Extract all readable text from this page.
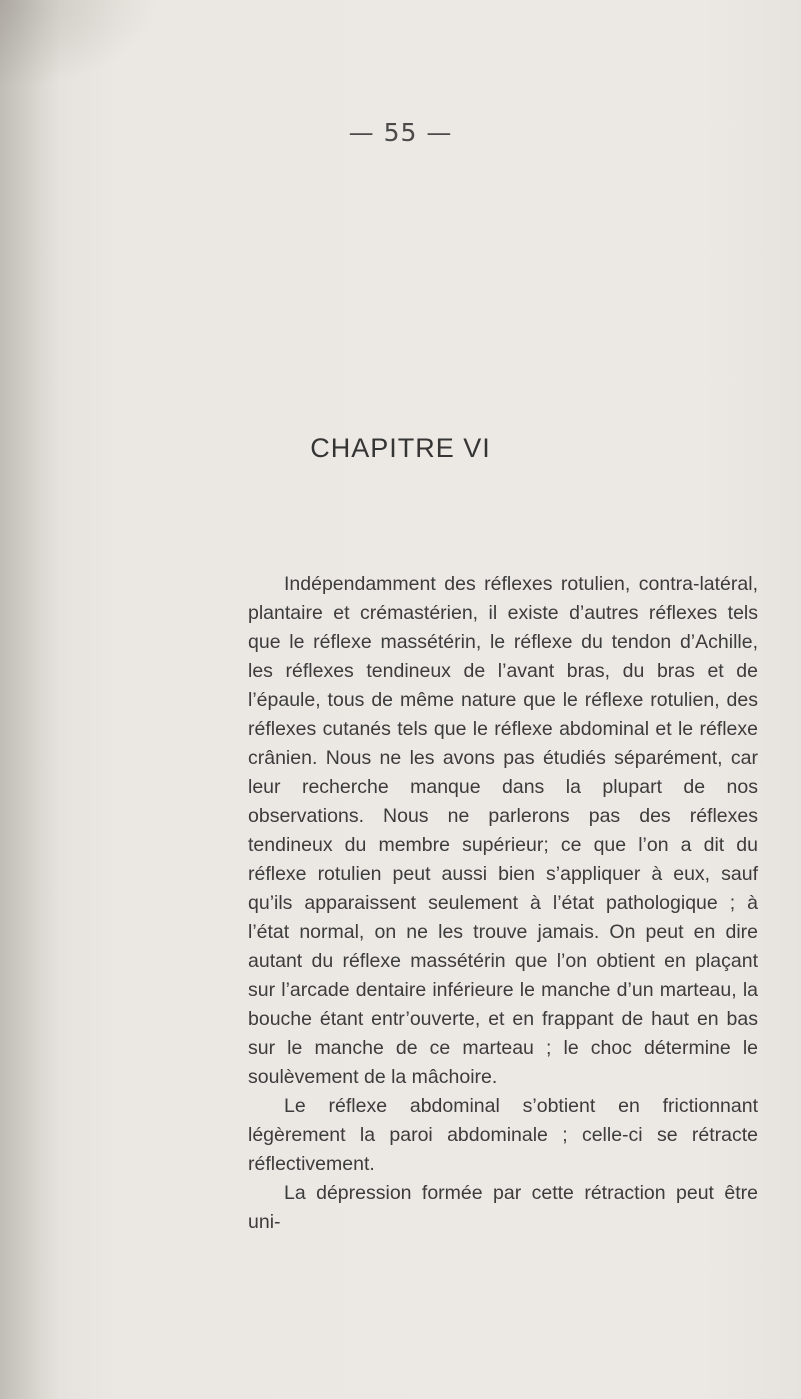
— 55 —
CHAPITRE VI

Indépendamment des réflexes rotulien, contra-latéral, plantaire et crémastérien, il existe d’autres réflexes tels que le réflexe massétérin, le réflexe du tendon d’Achille, les réflexes tendineux de l’avant bras, du bras et de l’épaule, tous de même nature que le réflexe rotulien, des réflexes cutanés tels que le réflexe abdominal et le réflexe crânien. Nous ne les avons pas étudiés séparément, car leur recherche manque dans la plupart de nos observations. Nous ne parlerons pas des réflexes tendineux du membre supérieur; ce que l’on a dit du réflexe rotulien peut aussi bien s’appliquer à eux, sauf qu’ils apparaissent seulement à l’état pathologique ; à l’état normal, on ne les trouve jamais. On peut en dire autant du réflexe massétérin que l’on obtient en plaçant sur l’arcade dentaire inférieure le manche d’un marteau, la bouche étant entr’ouverte, et en frappant de haut en bas sur le manche de ce marteau ; le choc détermine le soulèvement de la mâchoire.

Le réflexe abdominal s’obtient en frictionnant légèrement la paroi abdominale ; celle-ci se rétracte réflectivement.

La dépression formée par cette rétraction peut être uni-
